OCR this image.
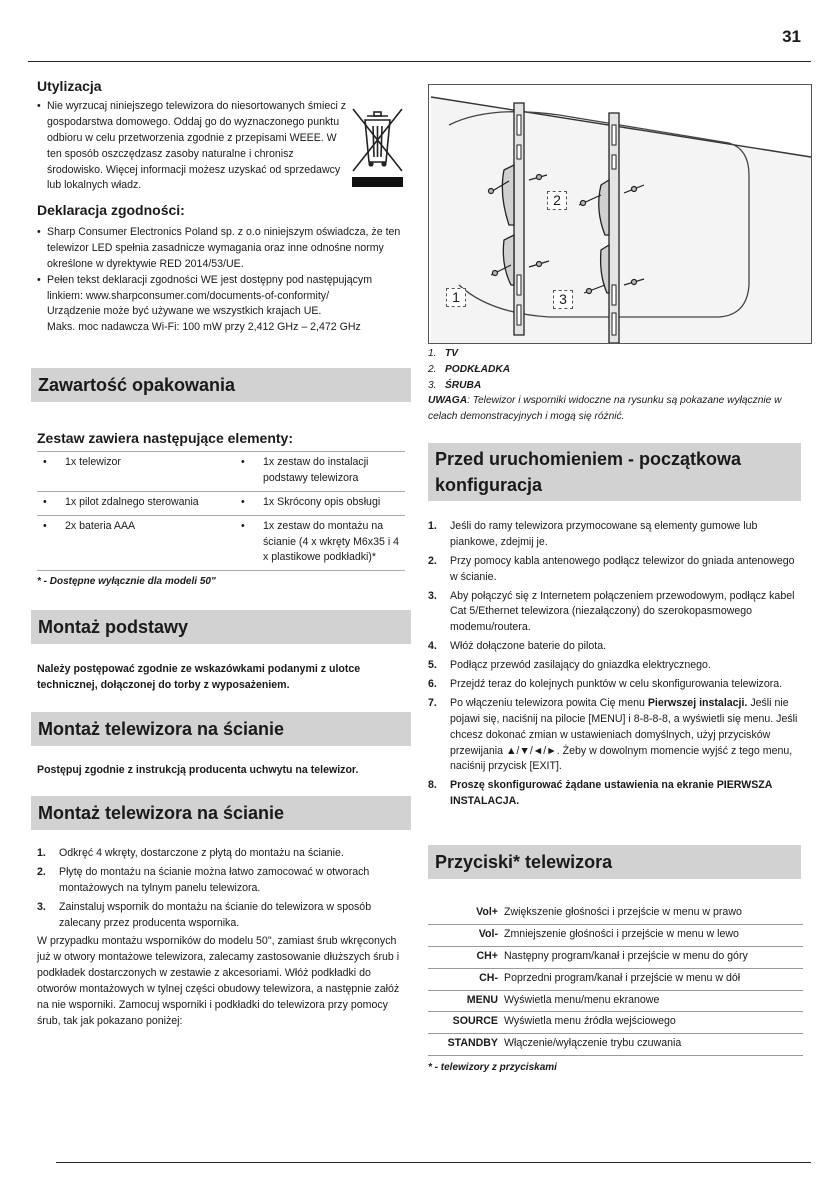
31
Utylizacja
• Nie wyrzucaj niniejszego telewizora do niesortowanych śmieci z gospodarstwa domowego. Oddaj go do wyznaczonego punktu odbioru w celu przetworzenia zgodnie z przepisami WEEE. W ten sposób oszczędzasz zasoby naturalne i chronisz środowisko. Więcej informacji możesz uzyskać od sprzedawcy lub lokalnych władz.
Deklaracja zgodności:
• Sharp Consumer Electronics Poland sp. z o.o niniejszym oświadcza, że ten telewizor LED spełnia zasadnicze wymagania oraz inne odnośne normy określone w dyrektywie RED 2014/53/UE.
• Pełen tekst deklaracji zgodności WE jest dostępny pod następującym linkiem: www.sharpconsumer.com/documents-of-conformity/
Urządzenie może być używane we wszystkich krajach UE.
Maks. moc nadawcza Wi-Fi: 100 mW przy 2,412 GHz – 2,472 GHz
Zawartość opakowania
Zestaw zawiera następujące elementy:
•	1x telewizor	•	1x zestaw do instalacji podstawy telewizora
•	1x pilot zdalnego sterowania	•	1x Skrócony opis obsługi
•	2x bateria AAA	•	1x zestaw do montażu na ścianie (4 x wkręty M6x35 i 4 x plastikowe podkładki)*
* - Dostępne wyłącznie dla modeli 50"
Montaż podstawy
Należy postępować zgodnie ze wskazówkami podanymi z ulotce technicznej, dołączonej do torby z wyposażeniem.
Montaż telewizora na ścianie
Postępuj zgodnie z instrukcją producenta uchwytu na telewizor.
Montaż telewizora na ścianie
1. Odkręć 4 wkręty, dostarczone z płytą do montażu na ścianie.
2. Płytę do montażu na ścianie można łatwo zamocować w otworach montażowych na tylnym panelu telewizora.
3. Zainstaluj wspornik do montażu na ścianie do telewizora w sposób zalecany przez producenta wspornika.
W przypadku montażu wsporników do modelu 50", zamiast śrub wkręconych już w otwory montażowe telewizora, zalecamy zastosowanie dłuższych śrub i podkładek dostarczonych w zestawie z akcesoriami. Włóż podkładki do otworów montażowych w tylnej części obudowy telewizora, a następnie załóż na nie wsporniki. Zamocuj wsporniki i podkładki do telewizora przy pomocy śrub, tak jak pokazano poniżej:
2
1	3
1. TV
2. PODKŁADKA
3. ŚRUBA
UWAGA: Telewizor i wsporniki widoczne na rysunku są pokazane wyłącznie w celach demonstracyjnych i mogą się różnić.
Przed uruchomieniem - początkowa konfiguracja
1. Jeśli do ramy telewizora przymocowane są elementy gumowe lub piankowe, zdejmij je.
2. Przy pomocy kabla antenowego podłącz telewizor do gniada antenowego w ścianie.
3. Aby połączyć się z Internetem połączeniem przewodowym, podłącz kabel Cat 5/Ethernet telewizora (niezałączony) do szerokopasmowego modemu/routera.
4. Włóż dołączone baterie do pilota.
5. Podłącz przewód zasilający do gniazdka elektrycznego.
6. Przejdź teraz do kolejnych punktów w celu skonfigurowania telewizora.
7. Po włączeniu telewizora powita Cię menu Pierwszej instalacji. Jeśli nie pojawi się, naciśnij na pilocie [MENU] i 8-8-8-8, a wyświetli się menu. Jeśli chcesz dokonać zmian w ustawieniach domyślnych, użyj przycisków przewijania ▲/▼/◄/►. Żeby w dowolnym momencie wyjść z tego menu, naciśnij przycisk [EXIT].
8. Proszę skonfigurować żądane ustawienia na ekranie PIERWSZA INSTALACJA.
Przyciski* telewizora
Vol+	Zwiększenie głośności i przejście w menu w prawo
Vol-	Zmniejszenie głośności i przejście w menu w lewo
CH+	Następny program/kanał i przejście w menu do góry
CH-	Poprzedni program/kanał i przejście w menu w dół
MENU	Wyświetla menu/menu ekranowe
SOURCE	Wyświetla menu źródła wejściowego
STANDBY	Włączenie/wyłączenie trybu czuwania
* - telewizory z przyciskami
